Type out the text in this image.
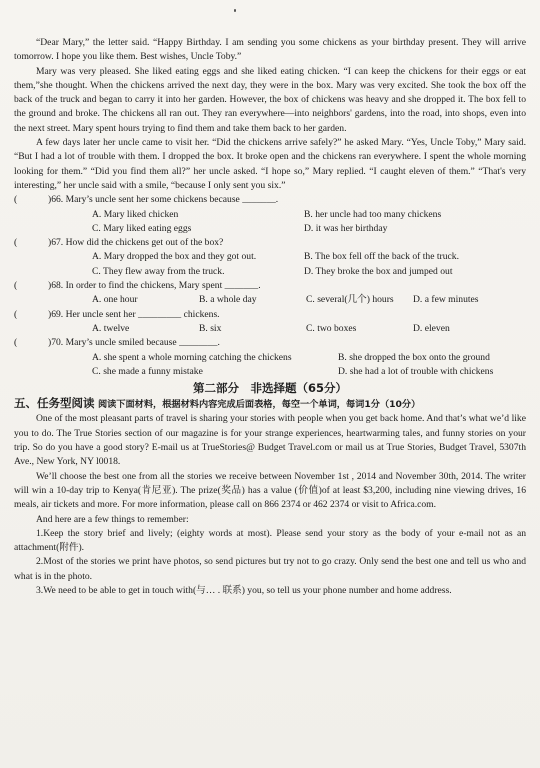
“Dear Mary,” the letter said. “Happy Birthday. I am sending you some chickens as your birthday present. They will arrive tomorrow. I hope you like them. Best wishes, Uncle Toby.”

Mary was very pleased. She liked eating eggs and she liked eating chicken. “I can keep the chickens for their eggs or eat them,”she thought. When the chickens arrived the next day, they were in the box. Mary was very excited. She took the box off the back of the truck and began to carry it into her garden. However, the box of chickens was heavy and she dropped it. The box fell to the ground and broke. The chickens all ran out. They ran everywhere—into neighbors' gardens, into the road, into shops, even into the next street. Mary spent hours trying to find them and take them back to her garden.

A few days later her uncle came to visit her. “Did the chickens arrive safely?” he asked Mary. “Yes, Uncle Toby,” Mary said. “But I had a lot of trouble with them. I dropped the box. It broke open and the chickens ran everywhere. I spent the whole morning looking for them.” “Did you find them all?” her uncle asked. “I hope so,” Mary replied. “I caught eleven of them.” “That's very interesting,” her uncle said with a smile, “because I only sent you six.”

(	)66. Mary’s uncle sent her some chickens because _______.
A. Mary liked chicken	B. her uncle had too many chickens
C. Mary liked eating eggs	D. it was her birthday
(	)67. How did the chickens get out of the box?
A. Mary dropped the box and they got out.	B. The box fell off the back of the truck.
C. They flew away from the truck.	D. They broke the box and jumped out
(	)68. In order to find the chickens, Mary spent _______.
A. one hour	B. a whole day	C. several(几个) hours	D. a few minutes
(	)69. Her uncle sent her _________ chickens.
A. twelve	B. six	C. two boxes	D. eleven
(	)70. Mary’s uncle smiled because ________.
A. she spent a whole morning catching the chickens	B. she dropped the box onto the ground
C. she made a funny mistake	D. she had a lot of trouble with chickens
第二部分　非选择题（65分）
五、任务型阅读 阅读下面材料，根据材料内容完成后面表格，每空一个单词，每词1分（10分）

One of the most pleasant parts of travel is sharing your stories with people when you get back home. And that’s what we’d like you to do. The True Stories section of our magazine is for your strange experiences, heartwarming tales, and funny stories on your trip. So do you have a good story? E-mail us at TrueStories@ Budget Travel.com or mail us at True Stories, Budget Travel, 5307th Ave., New York, NY l0018.

We’ll choose the best one from all the stories we receive between November 1st , 2014 and November 30th, 2014. The writer will win a 10-day trip to Kenya(肯尼亚). The prize(奖品) has a value (价值)of at least $3,200, including nine viewing drives, 16 meals, air tickets and more. For more information, please call on 866 2374 or 462 2374 or visit to Africa.com.

And here are a few things to remember:

1.Keep the story brief and lively; (eighty words at most). Please send your story as the body of your e-mail not as an attachment(附件).

2.Most of the stories we print have photos, so send pictures but try not to go crazy. Only send the best one and tell us who and what is in the photo.

3.We need to be able to get in touch with(与… . 联系) you, so tell us your phone number and home address.
